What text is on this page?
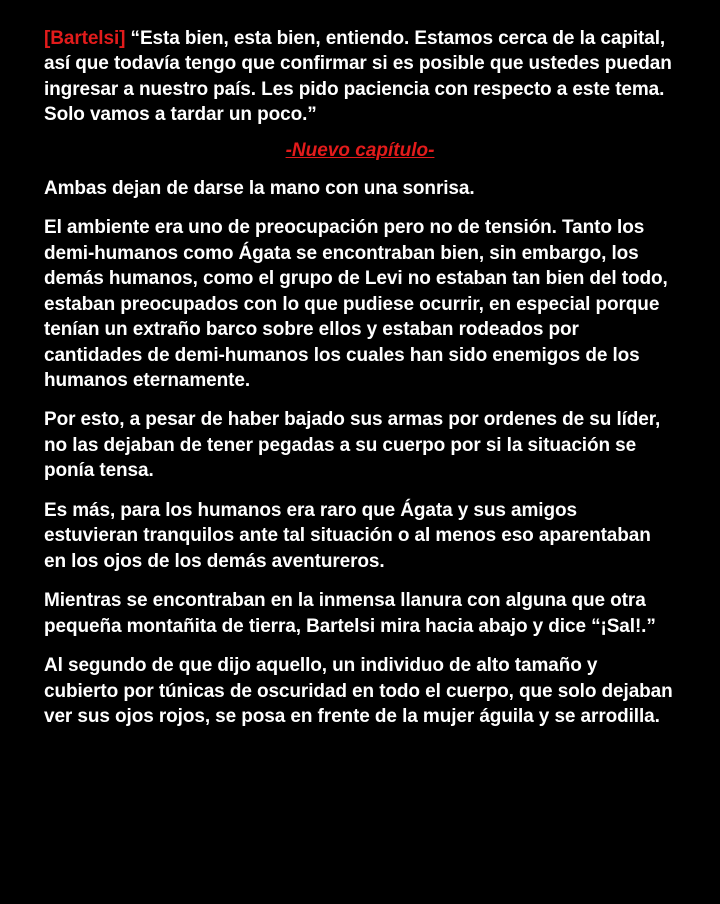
[Bartelsi] “Esta bien, esta bien, entiendo. Estamos cerca de la capital, así que todavía tengo que confirmar si es posible que ustedes puedan ingresar a nuestro país. Les pido paciencia con respecto a este tema. Solo vamos a tardar un poco.”

-Nuevo capítulo-

Ambas dejan de darse la mano con una sonrisa.

El ambiente era uno de preocupación pero no de tensión. Tanto los demi-humanos como Ágata se encontraban bien, sin embargo, los demás humanos, como el grupo de Levi no estaban tan bien del todo, estaban preocupados con lo que pudiese ocurrir, en especial porque tenían un extraño barco sobre ellos y estaban rodeados por cantidades de demi-humanos los cuales han sido enemigos de los humanos eternamente.

Por esto, a pesar de haber bajado sus armas por ordenes de su líder, no las dejaban de tener pegadas a su cuerpo por si la situación se ponía tensa.

Es más, para los humanos era raro que Ágata y sus amigos estuvieran tranquilos ante tal situación o al menos eso aparentaban en los ojos de los demás aventureros.

Mientras se encontraban en la inmensa llanura con alguna que otra pequeña montañita de tierra, Bartelsi mira hacia abajo y dice “¡Sal!.”

Al segundo de que dijo aquello, un individuo de alto tamaño y cubierto por túnicas de oscuridad en todo el cuerpo, que solo dejaban ver sus ojos rojos, se posa en frente de la mujer águila y se arrodilla.
